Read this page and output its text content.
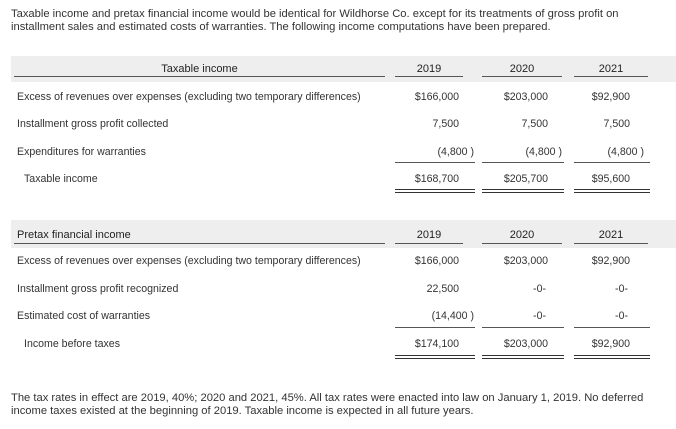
Taxable income and pretax financial income would be identical for Wildhorse Co. except for its treatments of gross profit on installment sales and estimated costs of warranties. The following income computations have been prepared.
Taxable income	2019	2020	2021
Excess of revenues over expenses (excluding two temporary differences)	$166,000	$203,000	$92,900
Installment gross profit collected	7,500	7,500	7,500
Expenditures for warranties	(4,800 )	(4,800 )	(4,800 )
Taxable income	$168,700	$205,700	$95,600
Pretax financial income	2019	2020	2021
Excess of revenues over expenses (excluding two temporary differences)	$166,000	$203,000	$92,900
Installment gross profit recognized	22,500	-0-	-0-
Estimated cost of warranties	(14,400 )	-0-	-0-
Income before taxes	$174,100	$203,000	$92,900
The tax rates in effect are 2019, 40%; 2020 and 2021, 45%. All tax rates were enacted into law on January 1, 2019. No deferred income taxes existed at the beginning of 2019. Taxable income is expected in all future years.
